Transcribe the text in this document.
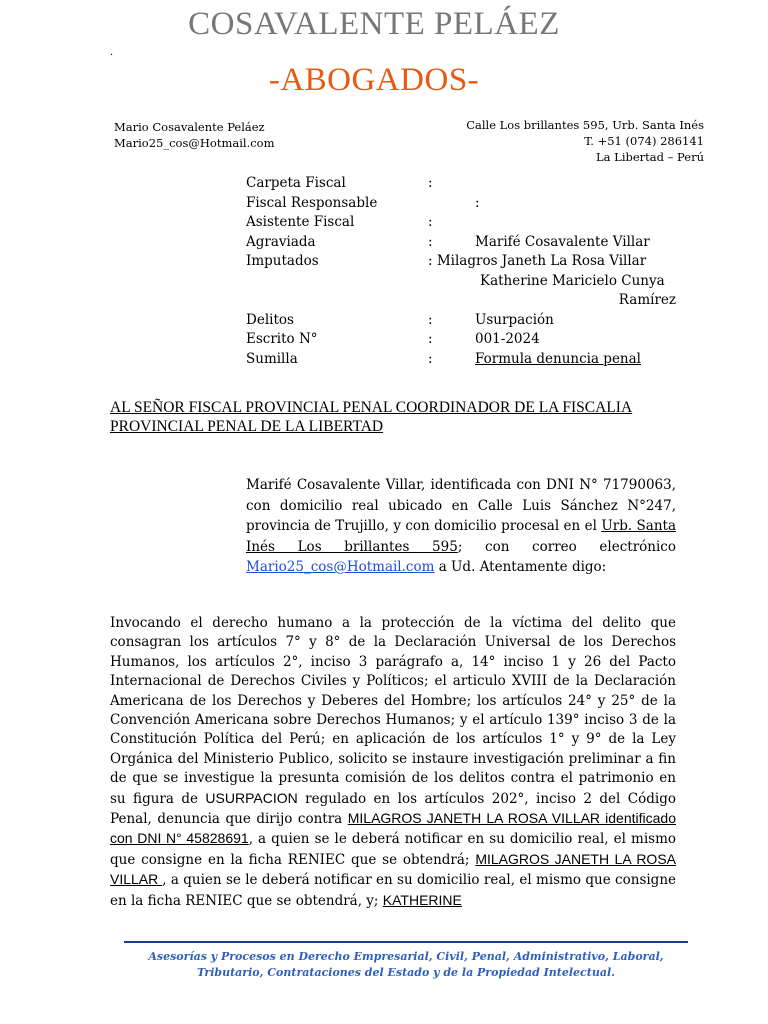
COSAVALENTE PELÁEZ
.
-ABOGADOS-
Mario Cosavalente Peláez
Mario25_cos@Hotmail.com
Calle Los brillantes 595, Urb. Santa Inés
T. +51 (074) 286141
La Libertad – Perú
Carpeta Fiscal	:
Fiscal Responsable	:
Asistente Fiscal	:
Agraviada	:	Marifé Cosavalente Villar
Imputados	: Milagros Janeth La Rosa Villar
Katherine Maricielo Cunya
Ramírez
Delitos	:	Usurpación
Escrito N°	:	001-2024
Sumilla	:	Formula denuncia penal
AL SEÑOR FISCAL PROVINCIAL PENAL COORDINADOR DE LA FISCALIA PROVINCIAL PENAL DE LA LIBERTAD
Marifé Cosavalente Villar, identificada con DNI N° 71790063, con domicilio real ubicado en Calle Luis Sánchez N°247, provincia de Trujillo, y con domicilio procesal en el Urb. Santa Inés Los brillantes 595; con correo electrónico Mario25_cos@Hotmail.com a Ud. Atentamente digo:
Invocando el derecho humano a la protección de la víctima del delito que consagran los artículos 7° y 8° de la Declaración Universal de los Derechos Humanos, los artículos 2°, inciso 3 parágrafo a, 14° inciso 1 y 26 del Pacto Internacional de Derechos Civiles y Políticos; el articulo XVIII de la Declaración Americana de los Derechos y Deberes del Hombre; los artículos 24° y 25° de la Convención Americana sobre Derechos Humanos; y el artículo 139° inciso 3 de la Constitución Política del Perú; en aplicación de los artículos 1° y 9° de la Ley Orgánica del Ministerio Publico, solicito se instaure investigación preliminar a fin de que se investigue la presunta comisión de los delitos contra el patrimonio en su figura de USURPACION regulado en los artículos 202°, inciso 2 del Código Penal, denuncia que dirijo contra MILAGROS JANETH LA ROSA VILLAR identificado con DNI N° 45828691, a quien se le deberá notificar en su domicilio real, el mismo que consigne en la ficha RENIEC que se obtendrá; MILAGROS JANETH LA ROSA VILLAR , a quien se le deberá notificar en su domicilio real, el mismo que consigne en la ficha RENIEC que se obtendrá, y; KATHERINE
Asesorías y Procesos en Derecho Empresarial, Civil, Penal, Administrativo, Laboral,
Tributario, Contrataciones del Estado y de la Propiedad Intelectual.
